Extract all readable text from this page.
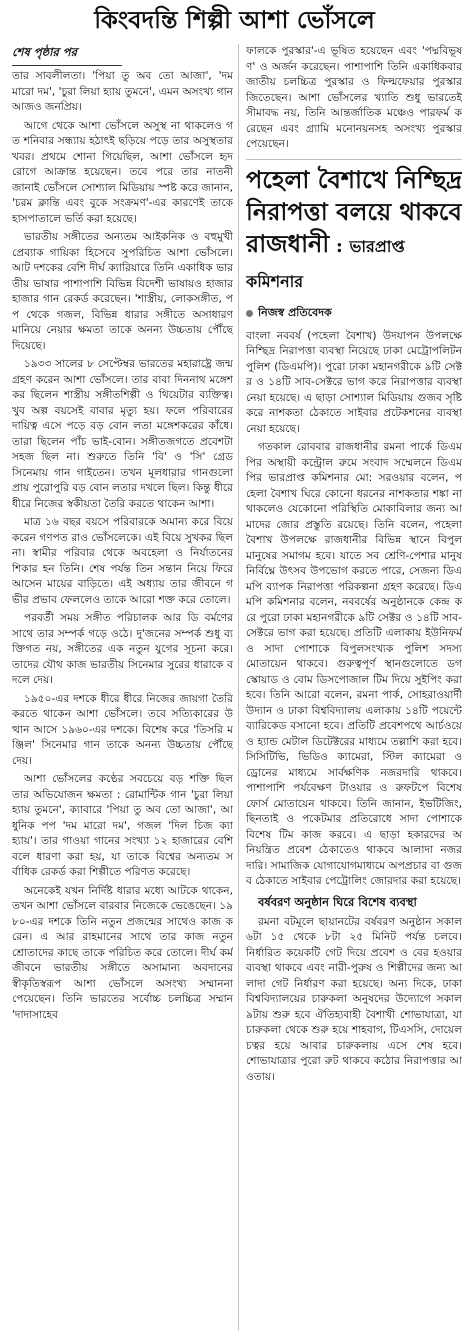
কিংবদন্তি শিল্পী আশা ভোঁসলে
শেষ পৃষ্ঠার পর

তার সাবলীলতা। 'পিয়া তু অব তো আজা', 'দম মারো দম', 'চুরা লিয়া হ্যায় তুমনে', এমন অসংখ্য গান আজও জনপ্রিয়।

আগে থেকে আশা ভোঁসলে অসুস্থ না থাকলেও গত শনিবার সন্ধ্যায় হঠাৎই ছড়িয়ে পড়ে তার অসুস্থতার খবর। প্রথমে শোনা গিয়েছিল, আশা ভোঁসলে হৃদরোগে আক্রান্ত হয়েছেন। তবে পরে তার নাতনী জানাই ভোঁসলে সোশ্যাল মিডিয়ায় স্পষ্ট করে জানান, 'চরম ক্লান্তি এবং বুকে সংক্রমণ'-এর কারণেই তাকে হাসপাতালে ভর্তি করা হয়েছে।

ভারতীয় সঙ্গীতের অন্যতম আইকনিক ও বহুমুখী প্রেব্যাক গায়িকা হিসেবে সুপরিচিত আশা ভোঁসলে। আট দশকের বেশি দীর্ঘ ক্যারিয়ারে তিনি একাধিক ভারতীয় ভাষার পাশাপাশি বিভিন্ন বিদেশী ভাষায়ও হাজার হাজার গান রেকর্ড করেছেন। 'শাস্ত্রীয়, লোকসঙ্গীত, পপ থেকে গজল, বিভিন্ন ধারার সঙ্গীতে অসাধারণ মানিয়ে নেয়ার ক্ষমতা তাকে অনন্য উচ্চতায় পৌঁছে দিয়েছে।

১৯৩৩ সালের ৮ সেপ্টেম্বর ভারতের মহারাষ্ট্রে জন্মগ্রহণ করেন আশা ভোঁসলে। তার বাবা দিননাথ মঙ্গেশকর ছিলেন শাস্ত্রীয় সঙ্গীতশিল্পী ও থিয়েটার ব্যক্তিত্ব। খুব অল্প বয়সেই বাবার মৃত্যু হয়। ফলে পরিবারের দায়িত্ব এসে পড়ে বড় বোন লতা মঙ্গেশকরের কাঁধে। তারা ছিলেন পাঁচ ভাই-বোন। সঙ্গীতজগতে প্রবেশটা সহজ ছিল না। শুরুতে তিনি 'বি' ও 'সি' গ্রেড সিনেমায় গান গাইতেন। তখন মূলধারার গানগুলো প্রায় পুরোপুরি বড় বোন লতার দখলে ছিল। কিন্তু ধীরে ধীরে নিজের স্বকীয়তা তৈরি করতে থাকেন আশা।

মাত্র ১৬ বছর বয়সে পরিবারকে অমান্য করে বিয়ে করেন গণপত রাও ভোঁসলেকে। এই বিয়ে সুখকর ছিল না। স্বামীর পরিবার থেকে অবহেলা ও নির্যাতনের শিকার হন তিনি। শেষ পর্যন্ত তিন সন্তান নিয়ে ফিরে আসেন মায়ের বাড়িতে। এই অধ্যায় তার জীবনে গভীর প্রভাব ফেললেও তাকে আরো শক্ত করে তোলে।

পরবর্তী সময় সঙ্গীত পরিচালক আর ডি বর্মণের সাথে তার সম্পর্ক গড়ে ওঠে। দু'জনের সম্পর্ক শুধু ব্যক্তিগত নয়, সঙ্গীতের এক নতুন যুগের সূচনা করে। তাদের যৌথ কাজ ভারতীয় সিনেমার সুরের ধারাকে বদলে দেয়।

১৯৫০-এর দশকে ধীরে ধীরে নিজের জায়গা তৈরি করতে থাকেন আশা ভোঁসলে। তবে সত্যিকারের উত্থান আসে ১৯৬০-এর দশকে। বিশেষ করে 'তিসরি মঞ্জিল' সিনেমার গান তাকে অনন্য উচ্চতায় পৌঁছে দেয়।

আশা ভোঁসলের কণ্ঠের সবচেয়ে বড় শক্তি ছিল তার অভিযোজন ক্ষমতা : রোমান্টিক গান 'চুরা লিয়া হ্যায় তুমনে', ক্যাবারে 'পিয়া তু অব তো আজা', আধুনিক পপ 'দম মারো দম', গজল 'দিল চিজ ক্যা হ্যায়'। তার গাওয়া গানের সংখ্যা ১২ হাজারের বেশি বলে ধারণা করা হয়, যা তাকে বিশ্বের অন্যতম সর্বাধিক রেকর্ড করা শিল্পীতে পরিণত করেছে।

অনেকেই যখন নির্দিষ্ট ধারার মধ্যে আটকে থাকেন, তখন আশা ভোঁসলে বারবার নিজেকে ভেঙেছেন। ১৯৮০-এর দশকে তিনি নতুন প্রজন্মের সাথেও কাজ করেন। এ আর রাহমানের সাথে তার কাজ নতুন শ্রোতাদের কাছে তাকে পরিচিত করে তোলে। দীর্ঘ কর্মজীবনে ভারতীয় সঙ্গীতে অসামান্য অবদানের স্বীকৃতিস্বরূপ আশা ভোঁসলে অসংখ্য সম্মাননা পেয়েছেন। তিনি ভারতের সর্বোচ্চ চলচ্চিত্র সম্মান 'দাদাসাহেব

ফালকে পুরস্কার'-এ ভূষিত হয়েছেন এবং 'পদ্মবিভূষণ' ও অর্জন করেছেন। পাশাপাশি তিনি একাধিকবার জাতীয় চলচ্চিত্র পুরস্কার ও ফিল্মফেয়ার পুরস্কার জিতেছেন। আশা ভোঁসলের খ্যাতি শুধু ভারতেই সীমাবদ্ধ নয়, তিনি আন্তর্জাতিক মঞ্চেও পারফর্ম করেছেন এবং গ্র্যামি মনোনয়নসহ অসংখ্য পুরস্কার পেয়েছেন।

পহেলা বৈশাখে নিশ্ছিদ্র নিরাপত্তা বলয়ে থাকবে রাজধানী : ভারপ্রাপ্ত কমিশনার
নিজস্ব প্রতিবেদক

বাংলা নববর্ষ (পহেলা বৈশাখ) উদযাপন উপলক্ষে নিশ্ছিদ্র নিরাপত্তা ব্যবস্থা নিয়েছে ঢাকা মেট্রোপলিটন পুলিশ (ডিএমপি)। পুরো ঢাকা মহানগরীকে ৯টি সেক্টর ও ১৪টি সাব-সেক্টরে ভাগ করে নিরাপত্তার ব্যবস্থা নেয়া হয়েছে। এ ছাড়া সোশ্যাল মিডিয়ায় গুজব সৃষ্টি করে নাশকতা ঠেকাতে সাইবার প্রটেকশনের ব্যবস্থা নেয়া হয়েছে।

গতকাল রোববার রাজধানীর রমনা পার্কে ডিএমপির অস্থায়ী কন্ট্রোল রুমে সংবাদ সম্মেলনে ডিএমপির ভারপ্রাপ্ত কমিশনার মো: সরওয়ার বলেন, পহেলা বৈশাখ ঘিরে কোনো ধরনের নাশকতার শঙ্কা না থাকলেও যেকোনো পরিস্থিতি মোকাবিলার জন্য আমাদের জোর প্রস্তুতি রয়েছে। তিনি বলেন, পহেলা বৈশাখ উপলক্ষে রাজধানীর বিভিন্ন স্থানে বিপুল মানুষের সমাগম হবে। যাতে সব শ্রেণি-পেশার মানুষ নির্বিঘ্নে উৎসব উপভোগ করতে পারে, সেজন্য ডিএমপি ব্যাপক নিরাপত্তা পরিকল্পনা গ্রহণ করেছে। ডিএমপি কমিশনার বলেন, নববর্ষের অনুষ্ঠানকে কেন্দ্র করে পুরো ঢাকা মহানগরীকে ৯টি সেক্টর ও ১৪টি সাব-সেক্টরে ভাগ করা হয়েছে। প্রতিটি এলাকায় ইউনিফর্ম ও সাদা পোশাকে বিপুলসংখ্যক পুলিশ সদস্য মোতায়েন থাকবে। গুরুত্বপূর্ণ স্থানগুলোতে ডগ স্কোয়াড ও বোম ডিসপোজাল টিম দিয়ে সুইপিং করা হবে। তিনি আরো বলেন, রমনা পার্ক, সোহরাওয়ার্দী উদ্যান ও ঢাকা বিশ্ববিদ্যালয় এলাকায় ১৪টি পয়েন্টে ব্যারিকেড বসানো হবে। প্রতিটি প্রবেশপথে আর্চওয়ে ও হ্যান্ড মেটাল ডিটেক্টরের মাধ্যমে তল্লাশি করা হবে। সিসিটিভি, ভিডিও ক্যামেরা, স্টিল ক্যামেরা ও ড্রোনের মাধ্যমে সার্বক্ষণিক নজরদারি থাকবে। পাশাপাশি পর্যবেক্ষণ টাওয়ার ও রুফটপে বিশেষ ফোর্স মোতায়েন থাকবে। তিনি জানান, ইভটিজিং, ছিনতাই ও পকেটমার প্রতিরোধে সাদা পোশাকে বিশেষ টিম কাজ করবে। এ ছাড়া হকারদের অনিয়ন্ত্রিত প্রবেশ ঠেকাতেও থাকবে আলাদা নজরদারি। সামাজিক যোগাযোগমাধ্যমে অপপ্রচার বা গুজব ঠেকাতে সাইবার পেট্রোলিং জোরদার করা হয়েছে।

বর্ষবরণ অনুষ্ঠান ঘিরে বিশেষ ব্যবস্থা

রমনা বটমূলে ছায়ানটের বর্ষবরণ অনুষ্ঠান সকাল ৬টা ১৫ থেকে ৮টা ২৫ মিনিট পর্যন্ত চলবে। নির্ধারিত কয়েকটি গেট দিয়ে প্রবেশ ও বের হওয়ার ব্যবস্থা থাকবে এবং নারী-পুরুষ ও শিল্পীদের জন্য আলাদা গেট নির্ধারণ করা হয়েছে। অন্য দিকে, ঢাকা বিশ্ববিদ্যালয়ের চারুকলা অনুষদের উদ্যোগে সকাল ৯টায় শুরু হবে ঐতিহ্যবাহী বৈশাখী শোভাযাত্রা, যা চারুকলা থেকে শুরু হয়ে শাহবাগ, টিএসসি, দোয়েল চত্বর হয়ে আবার চারুকলায় এসে শেষ হবে। শোভাযাত্রার পুরো রুট থাকবে কঠোর নিরাপত্তার আওতায়।
